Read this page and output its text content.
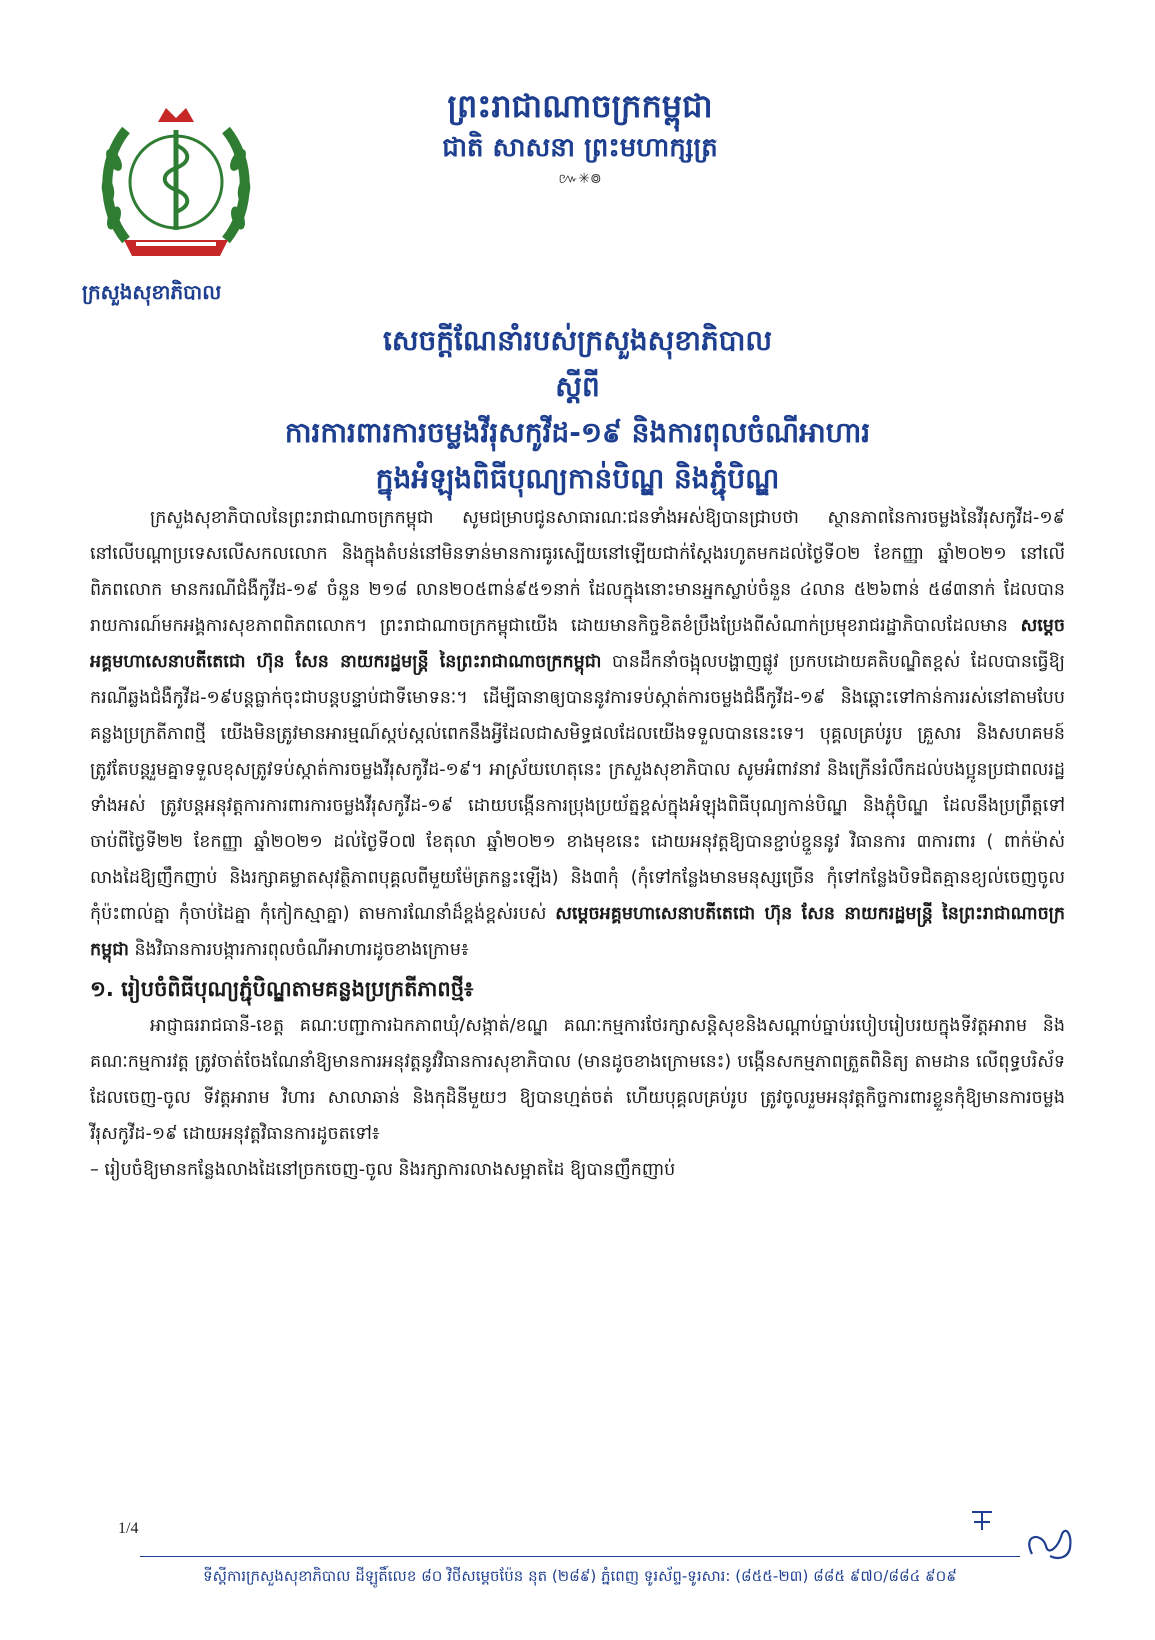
ក្រសួងសុខាភិបាល
ព្រះរាជាណាចក្រកម្ពុជា
ជាតិ សាសនា ព្រះមហាក្សត្រ
៚✳៙
សេចក្តីណែនាំរបស់ក្រសួងសុខាភិបាល
ស្តីពី
ការការពារការចម្លងវីរុសកូវីដ-១៩ និងការពុលចំណីអាហារ
ក្នុងអំឡុងពិធីបុណ្យកាន់បិណ្ឌ និងភ្ជុំបិណ្ឌ

ក្រសួងសុខាភិបាលនៃព្រះរាជាណាចក្រកម្ពុជា សូមជម្រាបជូនសាធារណៈជនទាំងអស់ឱ្យបានជ្រាបថា ស្ថានភាពនៃការចម្លងនៃវីរុសកូវីដ-១៩ នៅលើបណ្តាប្រទេសលើសកលលោក និងក្នុងតំបន់នៅមិនទាន់មានការធូរស្បើយនៅឡើយជាក់ស្តែងរហូតមកដល់ថ្ងៃទី០២ ខែកញ្ញា ឆ្នាំ២០២១ នៅលើពិភពលោក មានករណីជំងឺកូវីដ-១៩ ចំនួន ២១៨ លាន២០៥ពាន់៩៥១នាក់ ដែលក្នុងនោះមានអ្នកស្លាប់ចំនួន ៤លាន ៥២៦ពាន់ ៥៨៣នាក់ ដែលបានរាយការណ៍មកអង្គការសុខភាពពិភពលោក។ ព្រះរាជាណាចក្រកម្ពុជាយើង ដោយមានកិច្ចខិតខំប្រឹងប្រែងពីសំណាក់ប្រមុខរាជរដ្ឋាភិបាលដែលមាន សម្តេចអគ្គមហាសេនាបតីតេជោ ហ៊ុន សែន នាយករដ្ឋមន្ត្រី នៃព្រះរាជាណាចក្រកម្ពុជា បានដឹកនាំចង្អុលបង្ហាញផ្លូវ ប្រកបដោយគតិបណ្ឌិតខ្ពស់ ដែលបានធ្វើឱ្យ ករណីឆ្លងជំងឺកូវីដ-១៩បន្តធ្លាក់ចុះជាបន្តបន្ទាប់ជាទីមោទនៈ។ ដើម្បីធានាឲ្យបាននូវការទប់ស្កាត់ការចម្លងជំងឺកូវីដ-១៩ និងឆ្ពោះទៅកាន់ការរស់នៅតាមបែបគន្លងប្រក្រតីភាពថ្មី យើងមិនត្រូវមានអារម្មណ៍ស្កប់ស្កល់ពេកនឹងអ្វីដែលជាសមិទ្ធផលដែលយើងទទួលបាននេះទេ។ បុគ្គលគ្រប់រូប គ្រួសារ និងសហគមន៍ត្រូវតែបន្តរួមគ្នាទទួលខុសត្រូវទប់ស្កាត់ការចម្លងវីរុសកូវីដ-១៩។ អាស្រ័យហេតុនេះ ក្រសួងសុខាភិបាល សូមអំពាវនាវ និងក្រើនរំលឹកដល់បងប្អូនប្រជាពលរដ្ឋទាំងអស់ ត្រូវបន្តអនុវត្តការការពារការចម្លងវីរុសកូវីដ-១៩ ដោយបង្កើនការប្រុងប្រយ័ត្នខ្ពស់ក្នុងអំឡុងពិធីបុណ្យកាន់បិណ្ឌ និងភ្ជុំបិណ្ឌ ដែលនឹងប្រព្រឹត្តទៅចាប់ពីថ្ងៃទី២២ ខែកញ្ញា ឆ្នាំ២០២១ ដល់ថ្ងៃទី០៧ ខែតុលា ឆ្នាំ២០២១ ខាងមុខនេះ ដោយអនុវត្តឱ្យបានខ្ជាប់ខ្ជួននូវ វិធានការ ៣ការពារ ( ពាក់ម៉ាស់ លាងដៃឱ្យញឹកញាប់ និងរក្សាគម្លាតសុវត្ថិភាពបុគ្គលពីមួយម៉ែត្រកន្លះឡើង) និង៣កុំ (កុំទៅកន្លែងមានមនុស្សច្រើន កុំទៅកន្លែងបិទជិតគ្មានខ្យល់ចេញចូល កុំប៉ះពាល់គ្នា កុំចាប់ដៃគ្នា កុំកៀកស្មាគ្នា) តាមការណែនាំដ៏ខ្ពង់ខ្ពស់របស់ សម្តេចអគ្គមហាសេនាបតីតេជោ ហ៊ុន សែន នាយករដ្ឋមន្ត្រី នៃព្រះរាជាណាចក្រកម្ពុជា និងវិធានការបង្ការការពុលចំណីអាហារដូចខាងក្រោម៖

១. រៀបចំពិធីបុណ្យភ្ជុំបិណ្ឌតាមគន្លងប្រក្រតីភាពថ្មី៖

អាជ្ញាធររាជធានី-ខេត្ត គណៈបញ្ជាការឯកភាពឃុំ/សង្កាត់/ខណ្ឌ គណៈកម្មការថែរក្សាសន្តិសុខនិងសណ្តាប់ធ្នាប់របៀបរៀបរយក្នុងទីវត្តអារាម និងគណៈកម្មការវត្ត ត្រូវចាត់ចែងណែនាំឱ្យមានការអនុវត្តនូវវិធានការសុខាភិបាល (មានដូចខាងក្រោមនេះ) បង្កើនសកម្មភាពត្រួតពិនិត្យ តាមដាន លើពុទ្ធបរិស័ទ ដែលចេញ-ចូល ទីវត្តអារាម វិហារ សាលាឆាន់ និងកុដិនីមួយៗ ឱ្យបានហ្មត់ចត់ ហើយបុគ្គលគ្រប់រូប ត្រូវចូលរួមអនុវត្តកិច្ចការពារខ្លួនកុំឱ្យមានការចម្លងវីរុសកូវីដ-១៩ ដោយអនុវត្តវិធានការដូចតទៅ៖

– រៀបចំឱ្យមានកន្លែងលាងដៃនៅច្រកចេញ-ចូល និងរក្សាការលាងសម្អាតដៃ ឱ្យបានញឹកញាប់

1/4
ទីស្តីការក្រសួងសុខាភិបាល ដីឡូតិ៍លេខ ៨០ វិថីសម្តេចប៉ែន នុត (២៨៩) ភ្នំពេញ ទូរស័ព្ទ-ទូរសារ: (៨៥៥-២៣) ៨៨៥ ៩៧០/៨៨៤ ៩០៩
